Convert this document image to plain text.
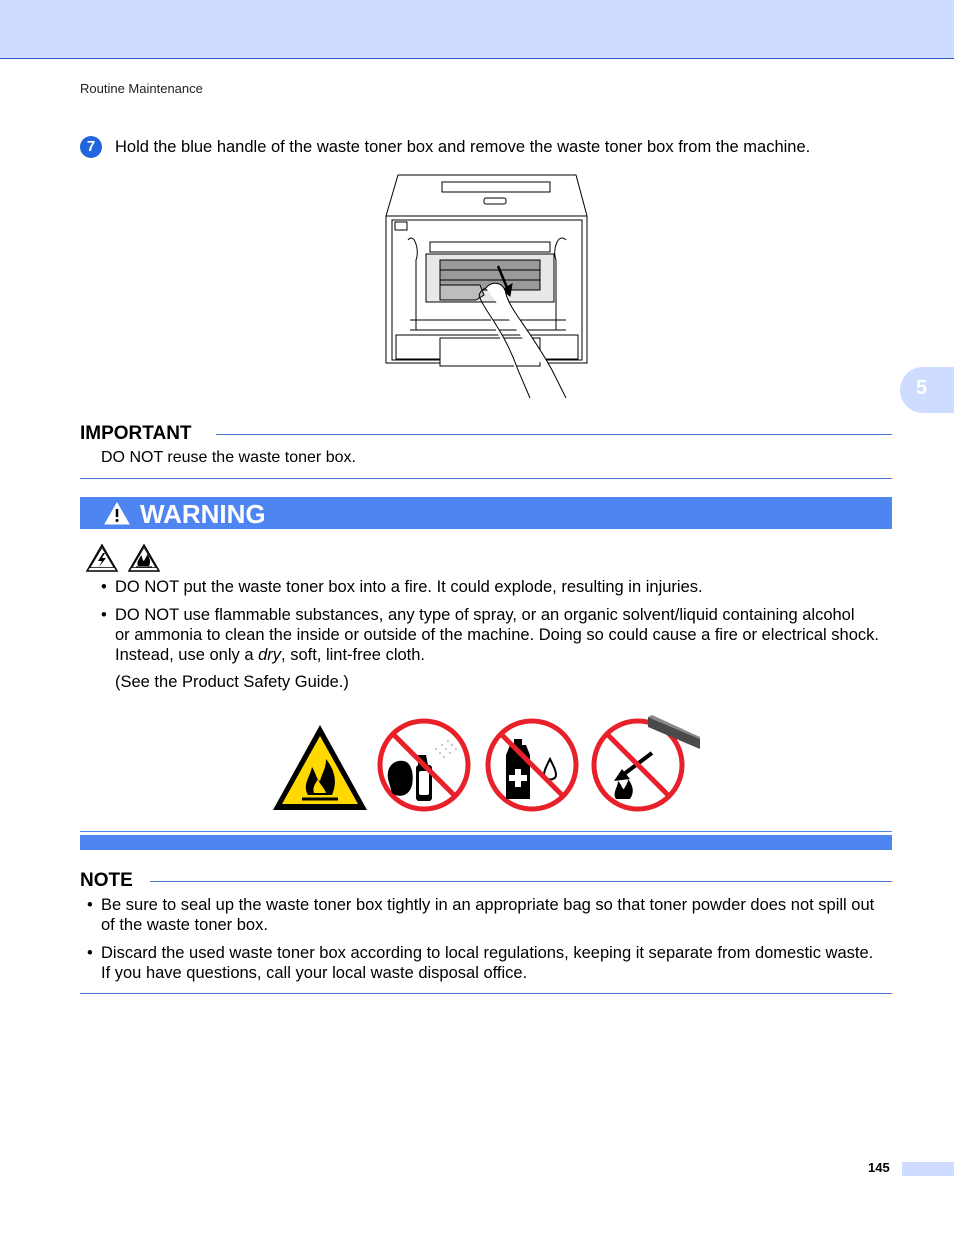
Routine Maintenance
5
7	Hold the blue handle of the waste toner box and remove the waste toner box from the machine.
IMPORTANT
DO NOT reuse the waste toner box.
WARNING
• DO NOT put the waste toner box into a fire. It could explode, resulting in injuries.
• DO NOT use flammable substances, any type of spray, or an organic solvent/liquid containing alcohol
or ammonia to clean the inside or outside of the machine. Doing so could cause a fire or electrical shock.
Instead, use only a dry, soft, lint-free cloth.
(See the Product Safety Guide.)
NOTE
• Be sure to seal up the waste toner box tightly in an appropriate bag so that toner powder does not spill out
of the waste toner box.
• Discard the used waste toner box according to local regulations, keeping it separate from domestic waste.
If you have questions, call your local waste disposal office.
145
